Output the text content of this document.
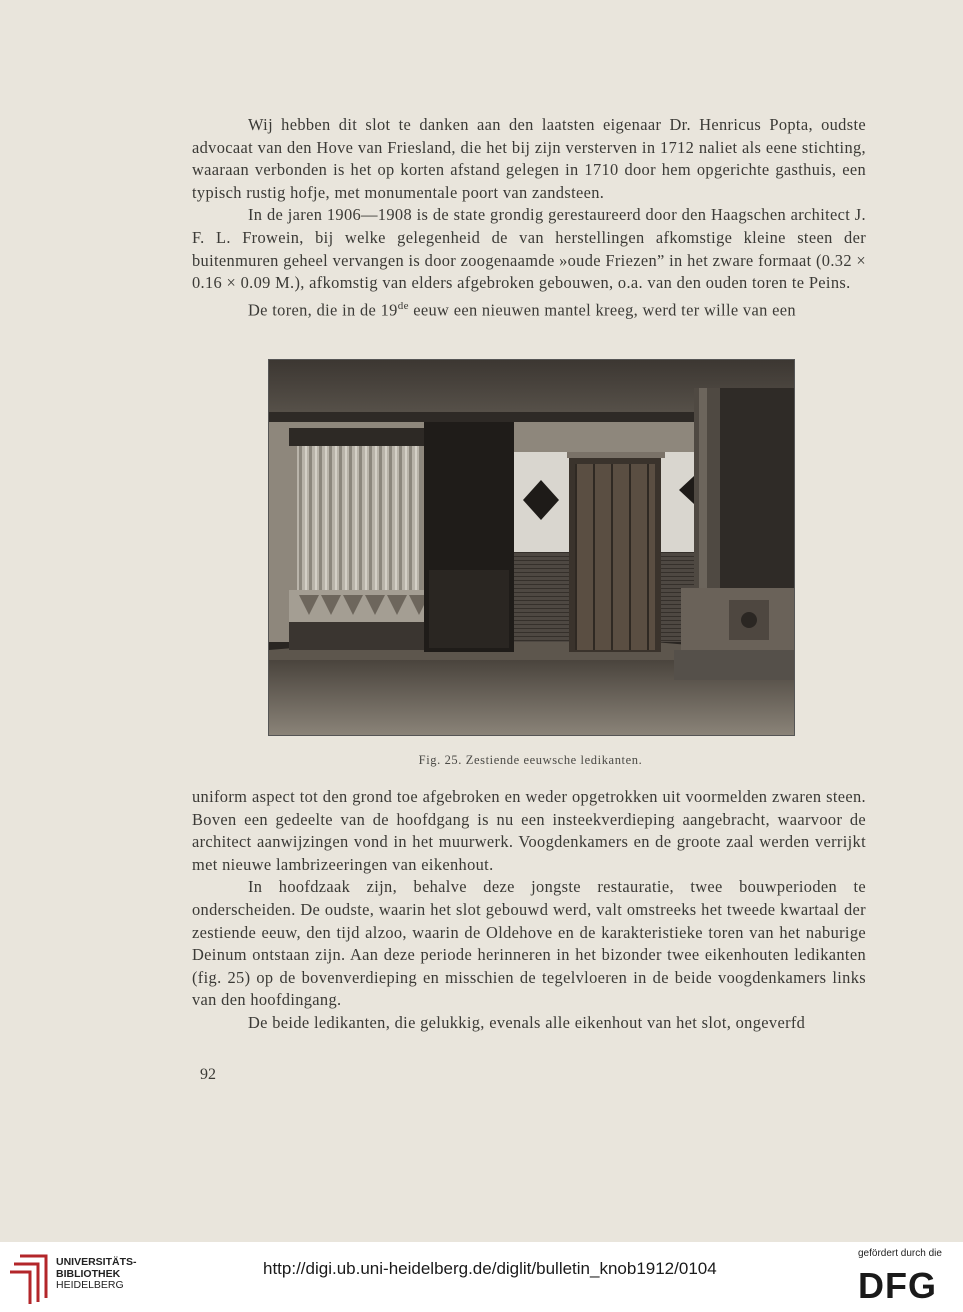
Wij hebben dit slot te danken aan den laatsten eigenaar Dr. Henricus Popta, oudste advocaat van den Hove van Friesland, die het bij zijn versterven in 1712 naliet als eene stichting, waaraan verbonden is het op korten afstand gelegen in 1710 door hem opgerichte gasthuis, een typisch rustig hofje, met monumentale poort van zandsteen.

In de jaren 1906—1908 is de state grondig gerestaureerd door den Haagschen architect J. F. L. Frowein, bij welke gelegenheid de van herstellingen afkomstige kleine steen der buitenmuren geheel vervangen is door zoogenaamde »oude Friezen” in het zware formaat (0.32 × 0.16 × 0.09 M.), afkomstig van elders afgebroken gebouwen, o.a. van den ouden toren te Peins.

De toren, die in de 19de eeuw een nieuwen mantel kreeg, werd ter wille van een

Fig. 25. Zestiende eeuwsche ledikanten.

uniform aspect tot den grond toe afgebroken en weder opgetrokken uit voormelden zwaren steen. Boven een gedeelte van de hoofdgang is nu een insteekverdieping aangebracht, waarvoor de architect aanwijzingen vond in het muurwerk. Voogdenkamers en de groote zaal werden verrijkt met nieuwe lambrizeeringen van eikenhout.

In hoofdzaak zijn, behalve deze jongste restauratie, twee bouwperioden te onderscheiden. De oudste, waarin het slot gebouwd werd, valt omstreeks het tweede kwartaal der zestiende eeuw, den tijd alzoo, waarin de Oldehove en de karakteristieke toren van het naburige Deinum ontstaan zijn. Aan deze periode herinneren in het bizonder twee eikenhouten ledikanten (fig. 25) op de bovenverdieping en misschien de tegelvloeren in de beide voogdenkamers links van den hoofdingang.

De beide ledikanten, die gelukkig, evenals alle eikenhout van het slot, ongeverfd

92
UNIVERSITÄTS-
BIBLIOTHEK
HEIDELBERG
http://digi.ub.uni-heidelberg.de/diglit/bulletin_knob1912/0104
gefördert durch die
DFG
